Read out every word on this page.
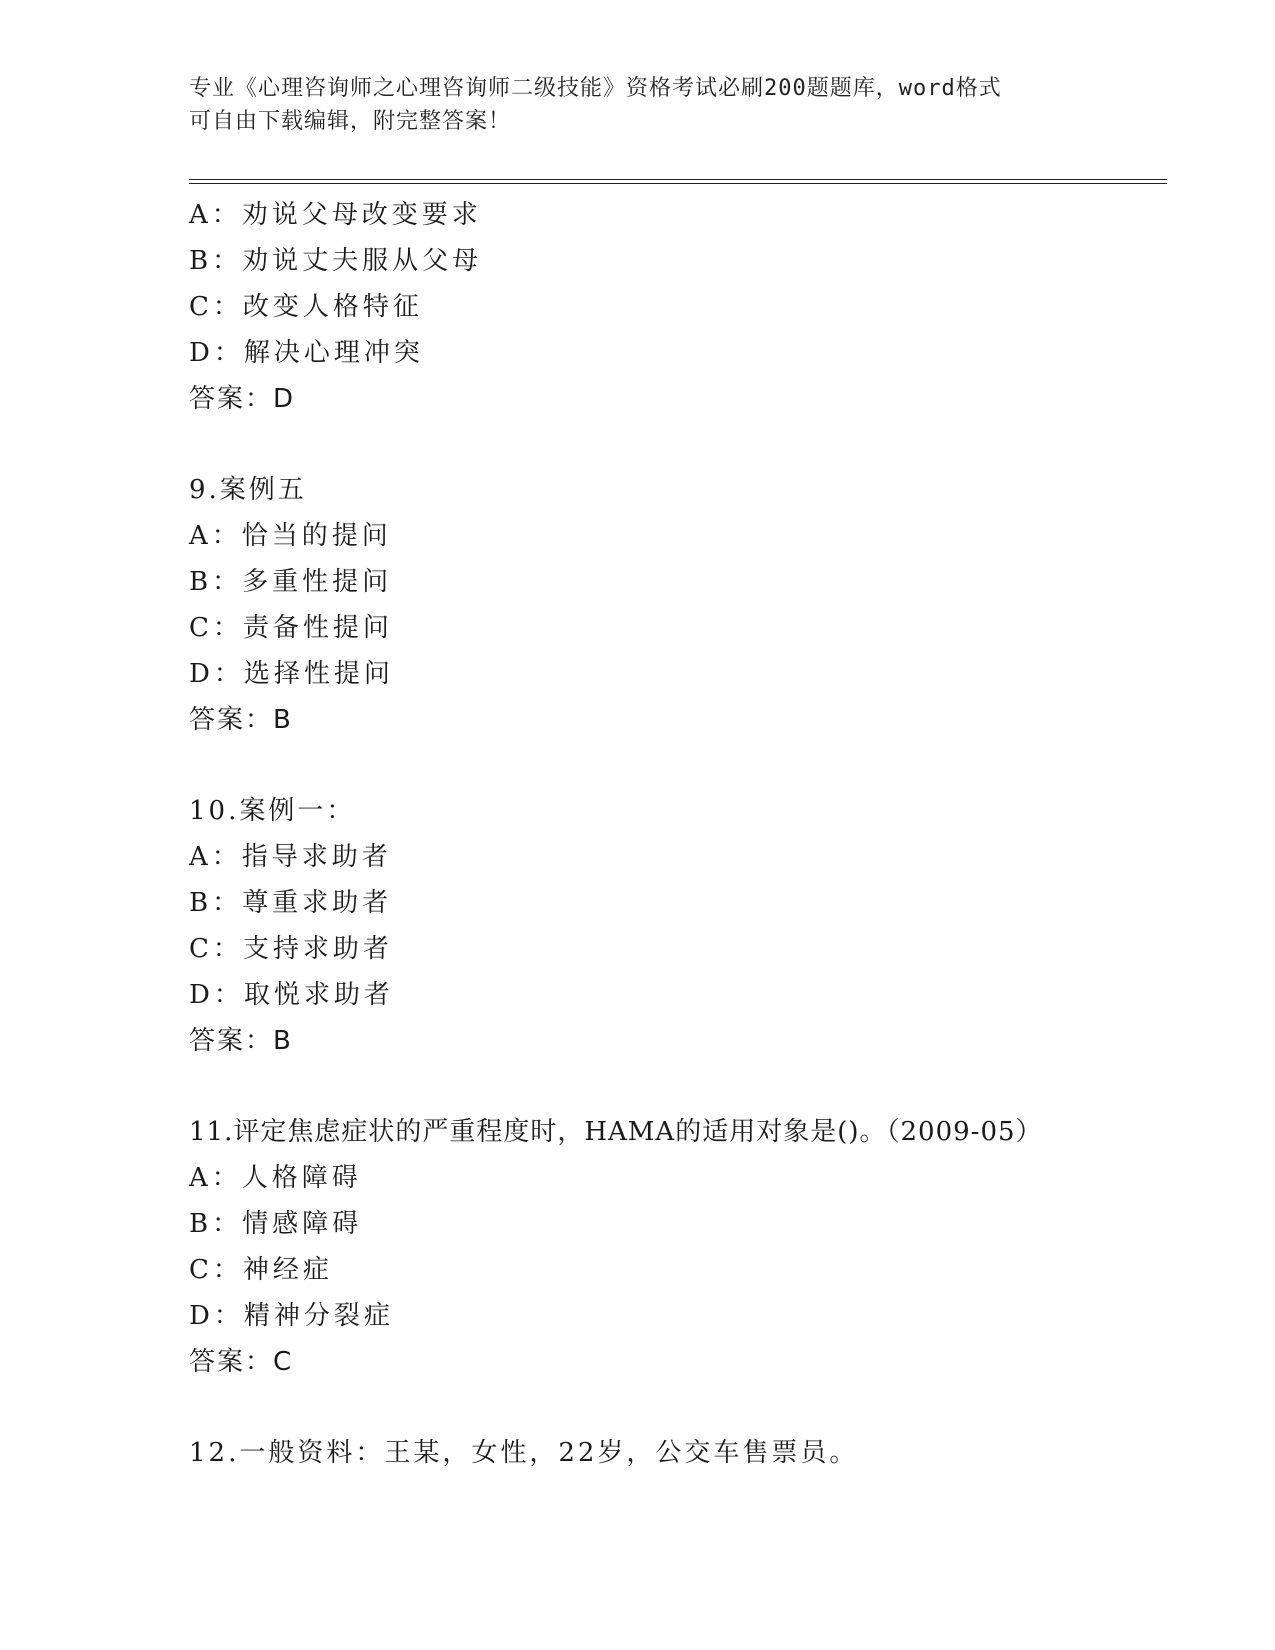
专业《心理咨询师之心理咨询师二级技能》资格考试必刷200题题库，word格式
可自由下载编辑，附完整答案！
A：劝说父母改变要求
B：劝说丈夫服从父母
C：改变人格特征
D：解决心理冲突
答案：D
9.案例五
A：恰当的提问
B：多重性提问
C：责备性提问
D：选择性提问
答案：B
10.案例一：
A：指导求助者
B：尊重求助者
C：支持求助者
D：取悦求助者
答案：B
11.评定焦虑症状的严重程度时，HAMA的适用对象是()。（2009-05）
A：人格障碍
B：情感障碍
C：神经症
D：精神分裂症
答案：C
12.一般资料：王某，女性，22岁，公交车售票员。
